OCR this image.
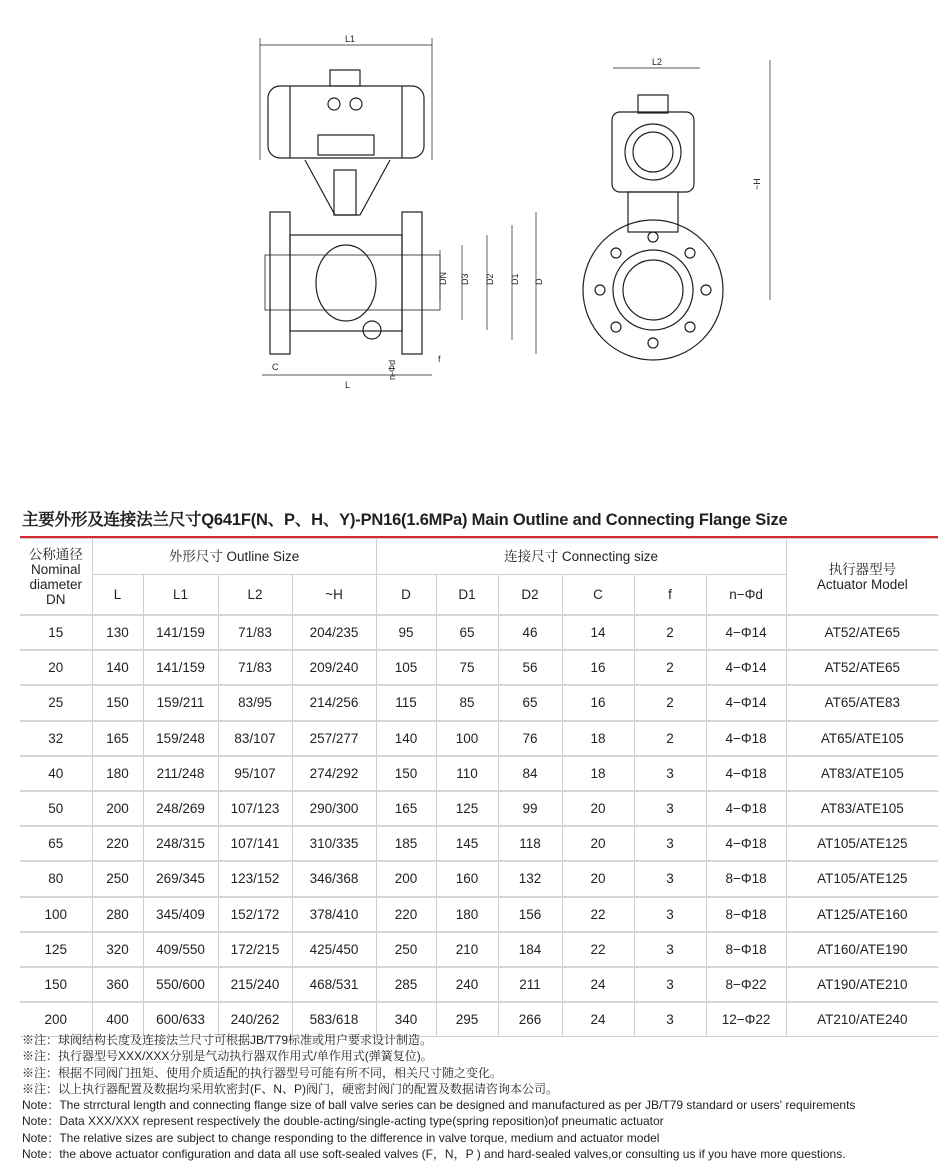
L1
L
C
DN D3 D2 D1 D
n-Φd
f
L2
~H
主要外形及连接法兰尺寸Q641F(N、P、H、Y)-PN16(1.6MPa) Main Outline and Connecting Flange Size
公称通径
Nominal
diameter
DN	外形尺寸 Outline Size				连接尺寸 Connecting size						执行器型号
Actuator Model
	L	L1	L2	~H	D	D1	D2	C	f	n−Φd	
15	130	141/159	71/83	204/235	95	65	46	14	2	4−Φ14	AT52/ATE65
20	140	141/159	71/83	209/240	105	75	56	16	2	4−Φ14	AT52/ATE65
25	150	159/211	83/95	214/256	115	85	65	16	2	4−Φ14	AT65/ATE83
32	165	159/248	83/107	257/277	140	100	76	18	2	4−Φ18	AT65/ATE105
40	180	211/248	95/107	274/292	150	110	84	18	3	4−Φ18	AT83/ATE105
50	200	248/269	107/123	290/300	165	125	99	20	3	4−Φ18	AT83/ATE105
65	220	248/315	107/141	310/335	185	145	118	20	3	4−Φ18	AT105/ATE125
80	250	269/345	123/152	346/368	200	160	132	20	3	8−Φ18	AT105/ATE125
100	280	345/409	152/172	378/410	220	180	156	22	3	8−Φ18	AT125/ATE160
125	320	409/550	172/215	425/450	250	210	184	22	3	8−Φ18	AT160/ATE190
150	360	550/600	215/240	468/531	285	240	211	24	3	8−Φ22	AT190/ATE210
200	400	600/633	240/262	583/618	340	295	266	24	3	12−Φ22	AT210/ATE240
※注：球阀结构长度及连接法兰尺寸可根据JB/T79标准或用户要求设计制造。
※注：执行器型号XXX/XXX分别是气动执行器双作用式/单作用式(弹簧复位)。
※注：根据不同阀门扭矩、使用介质适配的执行器型号可能有所不同，相关尺寸随之变化。
※注：以上执行器配置及数据均采用软密封(F、N、P)阀门，硬密封阀门的配置及数据请咨询本公司。
Note：The strrctural length and connecting flange size of ball valve series can be designed and manufactured as per JB/T79 standard or users' requirements
Note：Data XXX/XXX represent respectively the double-acting/single-acting type(spring reposition)of pneumatic actuator
Note：The relative sizes are subject to change responding to the difference in valve torque, medium and actuator model
Note：the above actuator configuration and data all use soft-sealed valves (F，N，P ) and hard-sealed valves,or consulting us if you have more questions.
